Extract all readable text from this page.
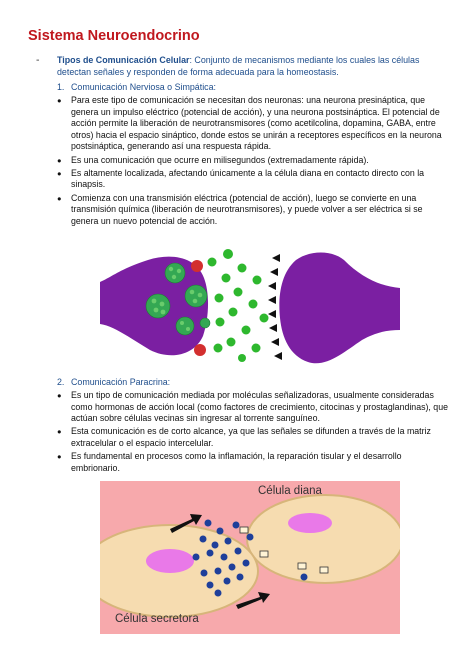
Sistema Neuroendocrino
- Tipos de Comunicación Celular: Conjunto de mecanismos mediante los cuales las células detectan señales y responden de forma adecuada para la homeostasis.
1. Comunicación Nerviosa o Simpática:
● Para este tipo de comunicación se necesitan dos neuronas: una neurona presináptica, que genera un impulso eléctrico (potencial de acción), y una neurona postsináptica. El potencial de acción permite la liberación de neurotransmisores (como acetilcolina, dopamina, GABA, entre otros) hacia el espacio sináptico, donde estos se unirán a receptores específicos en la neurona postsináptica, generando así una respuesta rápida.
● Es una comunicación que ocurre en milisegundos (extremadamente rápida).
● Es altamente localizada, afectando únicamente a la célula diana en contacto directo con la sinapsis.
● Comienza con una transmisión eléctrica (potencial de acción), luego se convierte en una transmisión química (liberación de neurotransmisores), y puede volver a ser eléctrica si se genera un nuevo potencial de acción.
2. Comunicación Paracrina:
● Es un tipo de comunicación mediada por moléculas señalizadoras, usualmente consideradas como hormonas de acción local (como factores de crecimiento, citocinas y prostaglandinas), que actúan sobre células vecinas sin ingresar al torrente sanguíneo.
● Esta comunicación es de corto alcance, ya que las señales se difunden a través de la matriz extracelular o el espacio intercelular.
● Es fundamental en procesos como la inflamación, la reparación tisular y el desarrollo embrionario.
Célula diana
Célula secretora
